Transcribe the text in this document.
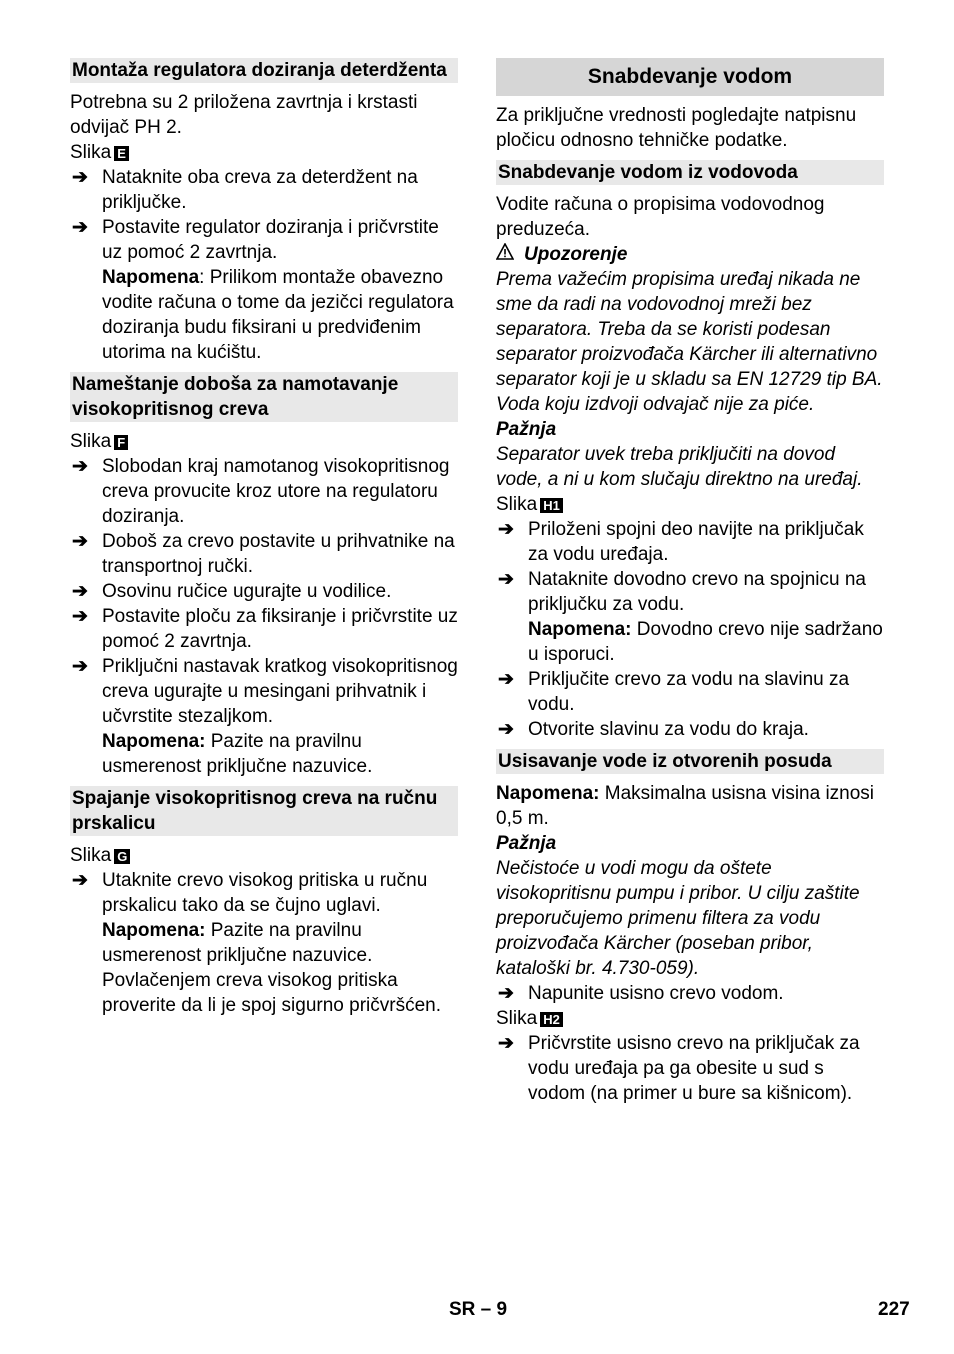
Montaža regulatora doziranja deterdženta

Potrebna su 2 priložena zavrtnja i krstasti odvijač PH 2.

Slika E

➔ Nataknite oba creva za deterdžent na priključke.
➔ Postavite regulator doziranja i pričvrstite uz pomoć 2 zavrtnja.
Napomena: Prilikom montaže obavezno vodite računa o tome da jezičci regulatora doziranja budu fiksirani u predviđenim utorima na kućištu.
Nameštanje doboša za namotavanje visokopritisnog creva

Slika F

➔ Slobodan kraj namotanog visokopritisnog creva provucite kroz utore na regulatoru doziranja.
➔ Doboš za crevo postavite u prihvatnike na transportnoj ručki.
➔ Osovinu ručice ugurajte u vodilice.
➔ Postavite ploču za fiksiranje i pričvrstite uz pomoć 2 zavrtnja.
➔ Priključni nastavak kratkog visokopritisnog creva ugurajte u mesingani prihvatnik i učvrstite stezaljkom.
Napomena: Pazite na pravilnu usmerenost priključne nazuvice.
Spajanje visokopritisnog creva na ručnu prskalicu

Slika G

➔ Utaknite crevo visokog pritiska u ručnu prskalicu tako da se čujno uglavi.
Napomena: Pazite na pravilnu usmerenost priključne nazuvice. Povlačenjem creva visokog pritiska proverite da li je spoj sigurno pričvršćen.
Snabdevanje vodom

Za priključne vrednosti pogledajte natpisnu pločicu odnosno tehničke podatke.

Snabdevanje vodom iz vodovoda

Vodite računa o propisima vodovodnog preduzeća.

Upozorenje

Prema važećim propisima uređaj nikada ne sme da radi na vodovodnoj mreži bez separatora. Treba da se koristi podesan separator proizvođača Kärcher ili alternativno separator koji je u skladu sa EN 12729 tip BA.

Voda koju izdvoji odvajač nije za piće.

Pažnja

Separator uvek treba priključiti na dovod vode, a ni u kom slučaju direktno na uređaj.

Slika H1

➔ Priloženi spojni deo navijte na priključak za vodu uređaja.
➔ Nataknite dovodno crevo na spojnicu na priključku za vodu.
Napomena: Dovodno crevo nije sadržano u isporuci.
➔ Priključite crevo za vodu na slavinu za vodu.
➔ Otvorite slavinu za vodu do kraja.
Usisavanje vode iz otvorenih posuda

Napomena: Maksimalna usisna visina iznosi 0,5 m.

Pažnja

Nečistoće u vodi mogu da oštete visokopritisnu pumpu i pribor. U cilju zaštite preporučujemo primenu filtera za vodu proizvođača Kärcher (poseban pribor, kataloški br. 4.730-059).

➔ Napunite usisno crevo vodom.

Slika H2

➔ Pričvrstite usisno crevo na priključak za vodu uređaja pa ga obesite u sud s vodom (na primer u bure sa kišnicom).
SR – 9	227
